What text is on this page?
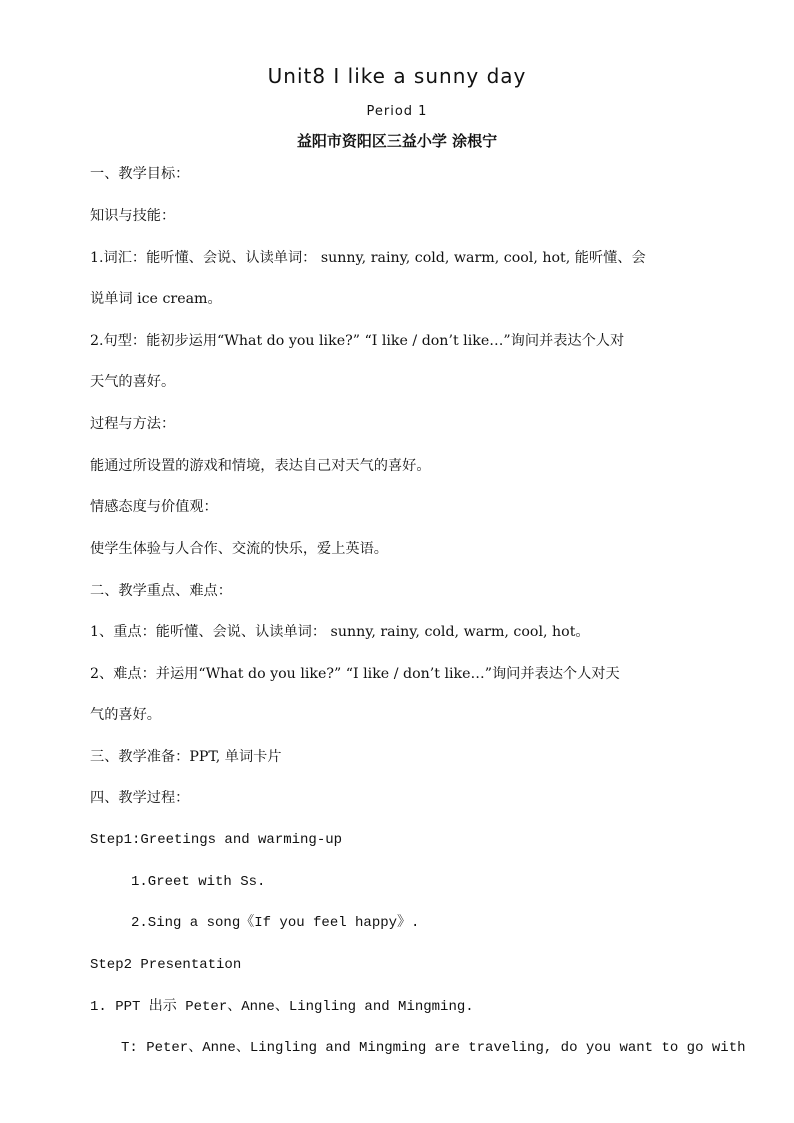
Unit8 I like a sunny day
Period 1
益阳市资阳区三益小学 涂根宁
一、教学目标：
知识与技能：
1.词汇：能听懂、会说、认读单词： sunny, rainy, cold, warm, cool, hot, 能听懂、会
说单词 ice cream。
2.句型：能初步运用“What do you like?” “I like / don’t like…”询问并表达个人对
天气的喜好。
过程与方法：
能通过所设置的游戏和情境，表达自己对天气的喜好。
情感态度与价值观：
使学生体验与人合作、交流的快乐，爱上英语。
二、教学重点、难点：
1、重点：能听懂、会说、认读单词： sunny, rainy, cold, warm, cool, hot。
2、难点：并运用“What do you like?” “I like / don’t like…”询问并表达个人对天
气的喜好。
三、教学准备：PPT, 单词卡片
四、教学过程：
Step1:Greetings and warming-up
1.Greet with Ss.
2.Sing a song《If you feel happy》.
Step2 Presentation
1. PPT 出示 Peter、Anne、Lingling and Mingming.
T: Peter、Anne、Lingling and Mingming are traveling, do you want to go with
